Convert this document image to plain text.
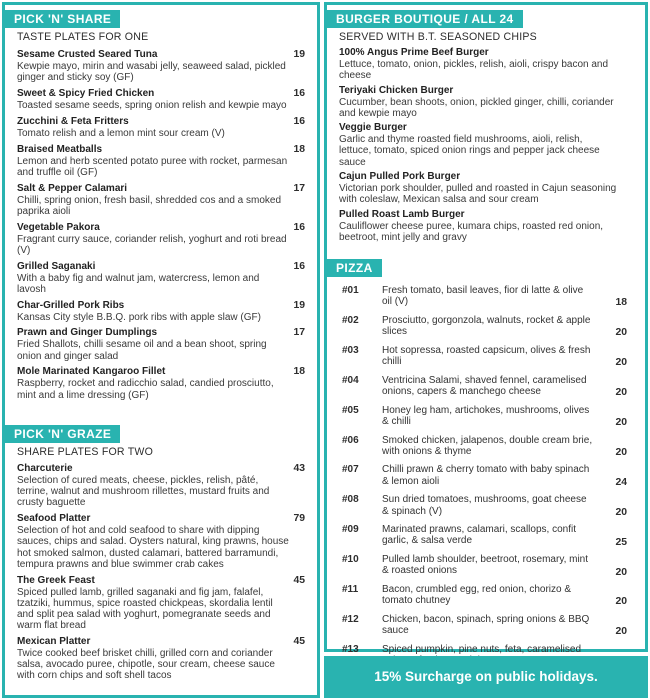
PICK 'N' SHARE
TASTE PLATES FOR ONE
Sesame Crusted Seared Tuna
Kewpie mayo, mirin and wasabi jelly, seaweed salad, pickled ginger and sticky soy (GF)
19
Sweet & Spicy Fried Chicken
Toasted sesame seeds, spring onion relish and kewpie mayo
16
Zucchini & Feta Fritters
Tomato relish and a lemon mint sour cream (V)
16
Braised Meatballs
Lemon and herb scented potato puree with rocket, parmesan and truffle oil (GF)
18
Salt & Pepper Calamari
Chilli, spring onion, fresh basil, shredded cos and a smoked paprika aioli
17
Vegetable Pakora
Fragrant curry sauce, coriander relish, yoghurt and roti bread (V)
16
Grilled Saganaki
With a baby fig and walnut jam, watercress, lemon and lavosh
16
Char-Grilled Pork Ribs
Kansas City style B.B.Q. pork ribs with apple slaw (GF)
19
Prawn and Ginger Dumplings
Fried Shallots, chilli sesame oil and a bean shoot, spring onion and ginger salad
17
Mole Marinated Kangaroo Fillet
Raspberry, rocket and radicchio salad, candied prosciutto, mint and a lime dressing (GF)
18
PICK 'N' GRAZE
SHARE PLATES FOR TWO
Charcuterie
Selection of cured meats, cheese, pickles, relish, pâté, terrine, walnut and mushroom rillettes, mustard fruits and crusty baguette
43
Seafood Platter
Selection of hot and cold seafood to share with dipping sauces, chips and salad. Oysters natural, king prawns, house hot smoked salmon, dusted calamari, battered barramundi, tempura prawns and blue swimmer crab cakes
79
The Greek Feast
Spiced pulled lamb, grilled saganaki and fig jam, falafel, tzatziki, hummus, spice roasted chickpeas, skordalia lentil and split pea salad with yoghurt, pomegranate seeds and warm flat bread
45
Mexican Platter
Twice cooked beef brisket chilli, grilled corn and coriander salsa, avocado puree, chipotle, sour cream, cheese sauce with corn chips and soft shell tacos
45
BURGER BOUTIQUE / ALL 24
SERVED WITH B.T. SEASONED CHIPS
100% Angus Prime Beef Burger
Lettuce, tomato, onion, pickles, relish, aioli, crispy bacon and cheese
Teriyaki Chicken Burger
Cucumber, bean shoots, onion, pickled ginger, chilli, coriander and kewpie mayo
Veggie Burger
Garlic and thyme roasted field mushrooms, aioli, relish, lettuce, tomato, spiced onion rings and pepper jack cheese sauce
Cajun Pulled Pork Burger
Victorian pork shoulder, pulled and roasted in Cajun seasoning with coleslaw, Mexican salsa and sour cream
Pulled Roast Lamb Burger
Cauliflower cheese puree, kumara chips, roasted red onion, beetroot, mint jelly and gravy
PIZZA
#01 Fresh tomato, basil leaves, fior di latte & olive oil (V)	18
#02 Prosciutto, gorgonzola, walnuts, rocket & apple slices	20
#03 Hot sopressa, roasted capsicum, olives & fresh chilli	20
#04 Ventricina Salami, shaved fennel, caramelised onions, capers & manchego cheese	20
#05 Honey leg ham, artichokes, mushrooms, olives & chilli	20
#06 Smoked chicken, jalapenos, double cream brie, with onions & thyme	20
#07 Chilli prawn & cherry tomato with baby spinach & lemon aioli	24
#08 Sun dried tomatoes, mushrooms, goat cheese & spinach (V)	20
#09 Marinated prawns, calamari, scallops, confit garlic, & salsa verde	25
#10 Pulled lamb shoulder, beetroot, rosemary, mint & roasted onions	20
#11 Bacon, crumbled egg, red onion, chorizo & tomato chutney	20
#12 Chicken, bacon, spinach, spring onions & BBQ sauce	20
#13 Spiced pumpkin, pine nuts, feta, caramelised
15% Surcharge on public holidays.
